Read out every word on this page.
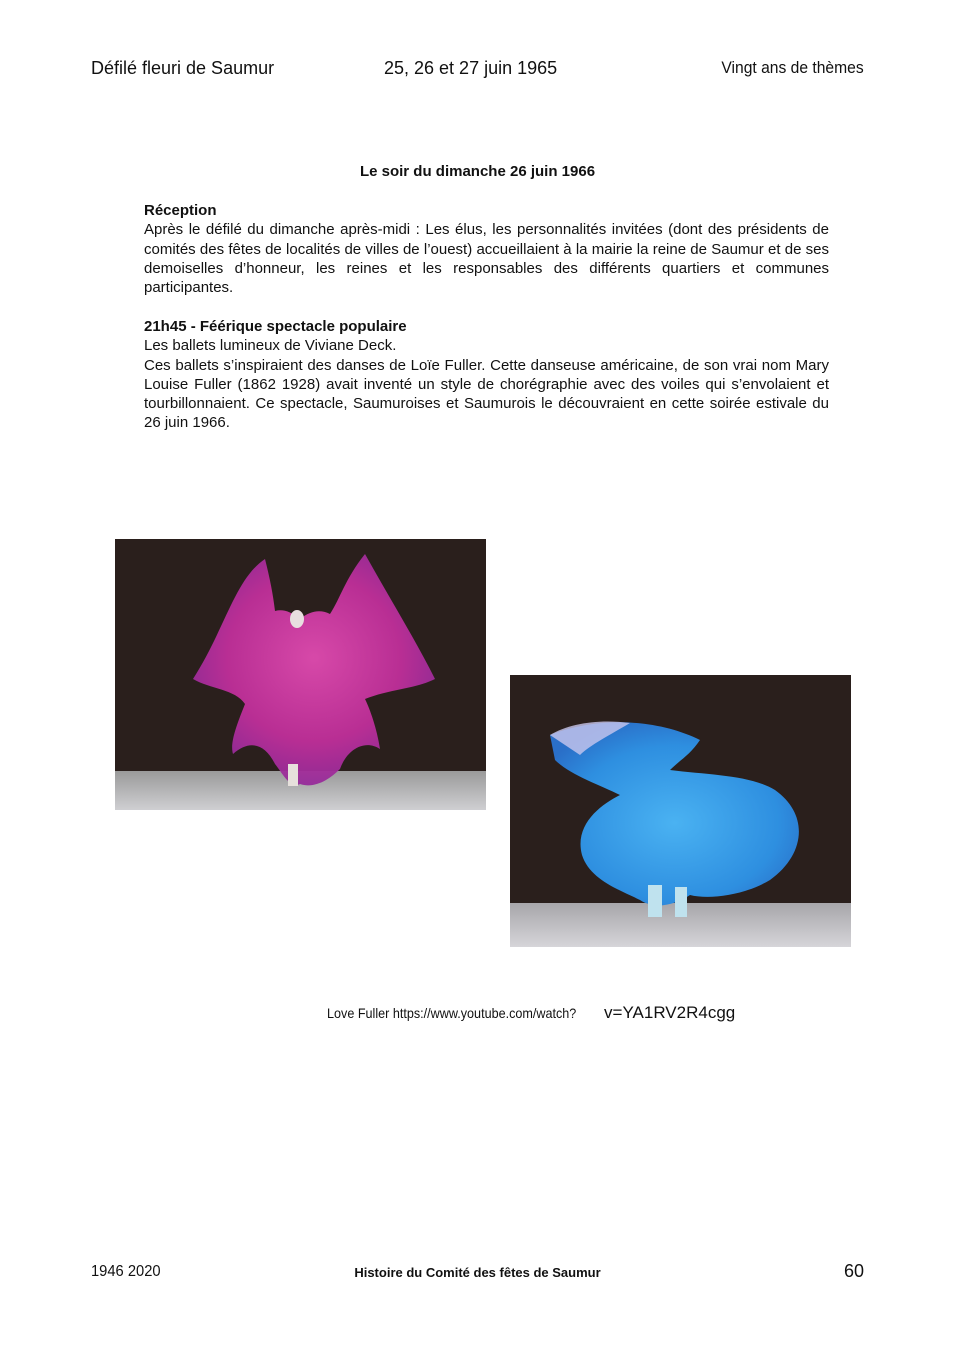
Défilé fleuri de Saumur	25, 26 et 27 juin 1965	Vingt ans de thèmes
Le soir du dimanche 26 juin 1966

Réception

Après le défilé du dimanche après-midi : Les élus, les personnalités invitées (dont des présidents de comités des fêtes de localités de villes de l’ouest) accueillaient à la mairie la reine de Saumur et de ses demoiselles d’honneur, les reines et les responsables des différents quartiers et communes participantes.

21h45 - Féérique spectacle populaire

Les ballets lumineux de Viviane Deck.

Ces ballets s’inspiraient des danses de Loïe Fuller. Cette danseuse américaine, de son vrai nom Mary Louise Fuller (1862 1928) avait inventé un style de chorégraphie avec des voiles qui s’envolaient et tourbillonnaient. Ce spectacle, Saumuroises et Saumurois le découvraient en cette soirée estivale du 26 juin 1966.

Love Fuller https://www.youtube.com/watch? v=YA1RV2R4cgg
1946 2020	Histoire du Comité des fêtes de Saumur	60
